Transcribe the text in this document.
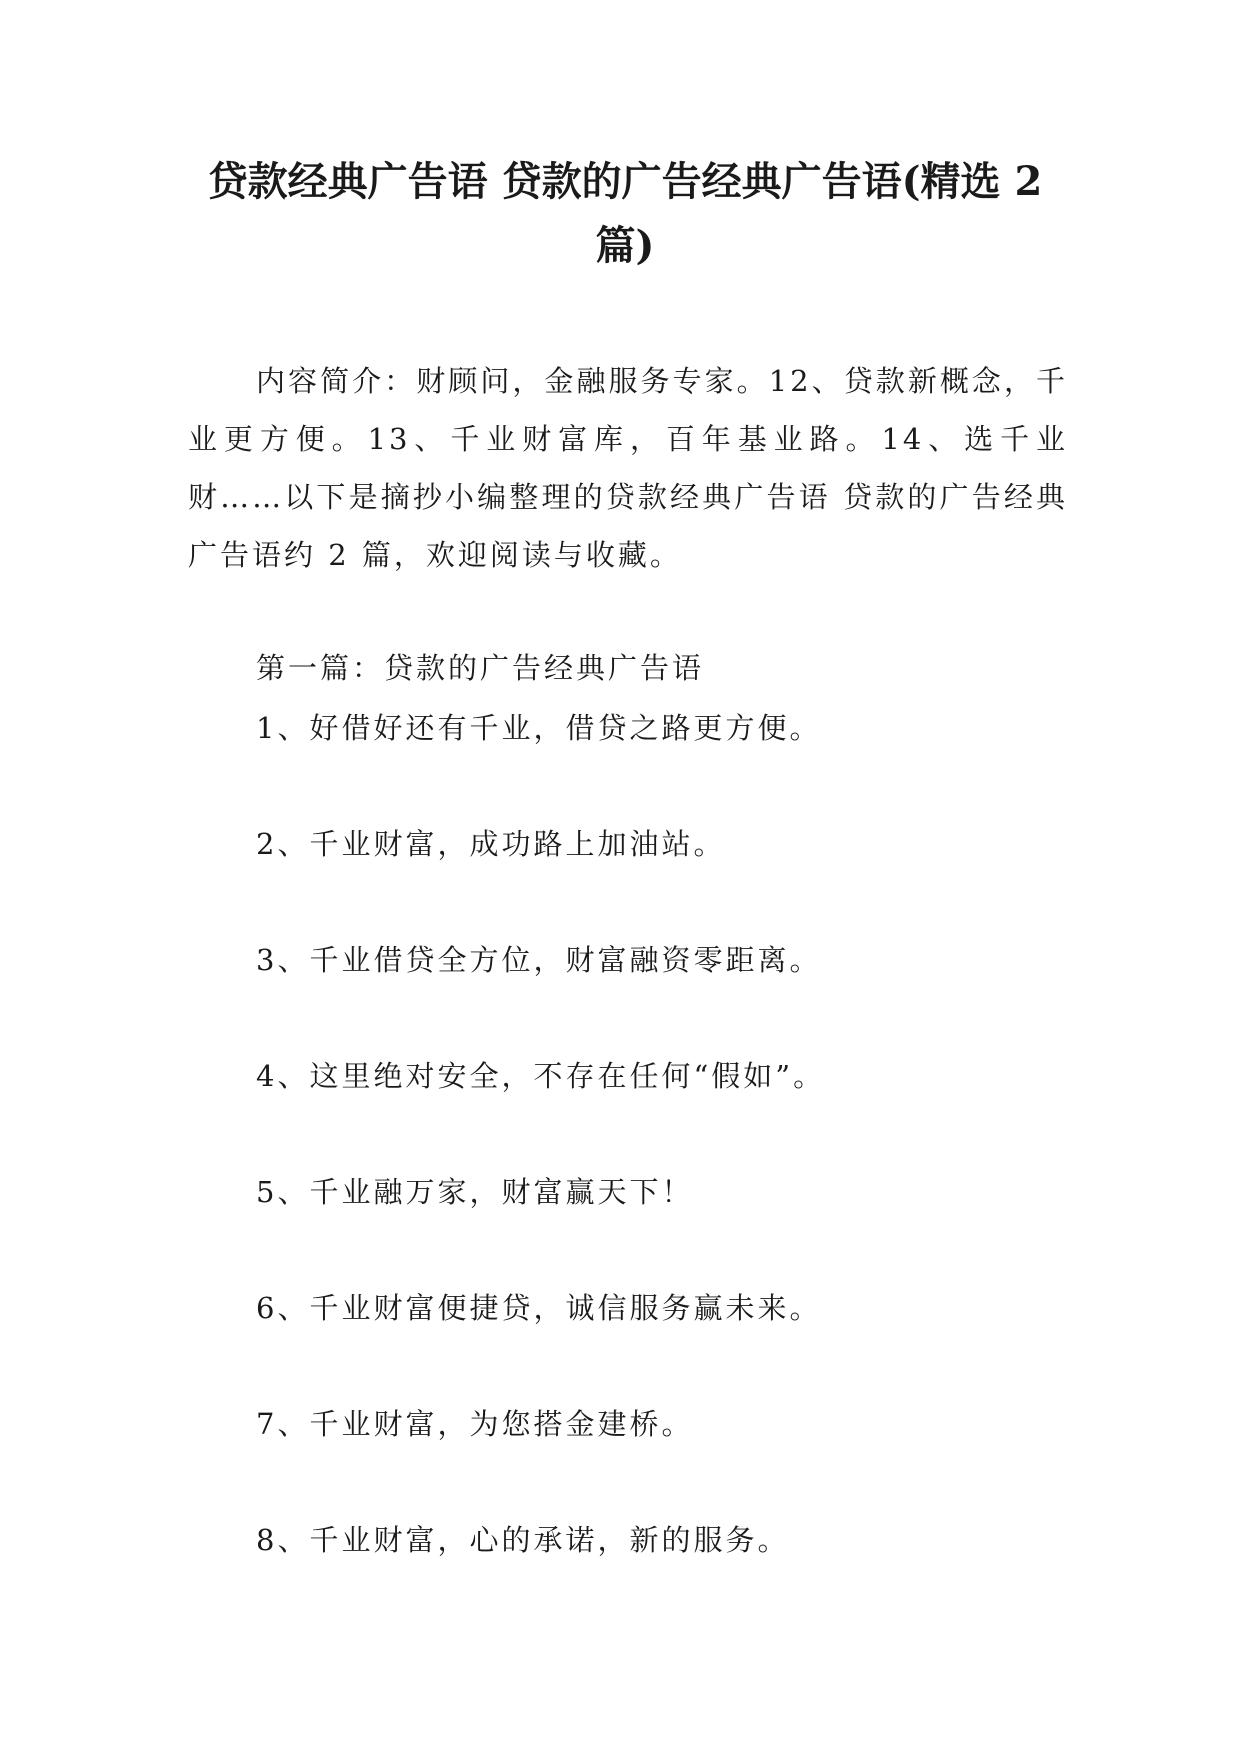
贷款经典广告语 贷款的广告经典广告语(精选 2 篇)
内容简介：财顾问，金融服务专家。12、贷款新概念，千业更方便。13、千业财富库，百年基业路。14、选千业财……以下是摘抄小编整理的贷款经典广告语 贷款的广告经典广告语约 2 篇，欢迎阅读与收藏。
第一篇：贷款的广告经典广告语
1、好借好还有千业，借贷之路更方便。
2、千业财富，成功路上加油站。
3、千业借贷全方位，财富融资零距离。
4、这里绝对安全，不存在任何“假如”。
5、千业融万家，财富赢天下！
6、千业财富便捷贷，诚信服务赢未来。
7、千业财富，为您搭金建桥。
8、千业财富，心的承诺，新的服务。
